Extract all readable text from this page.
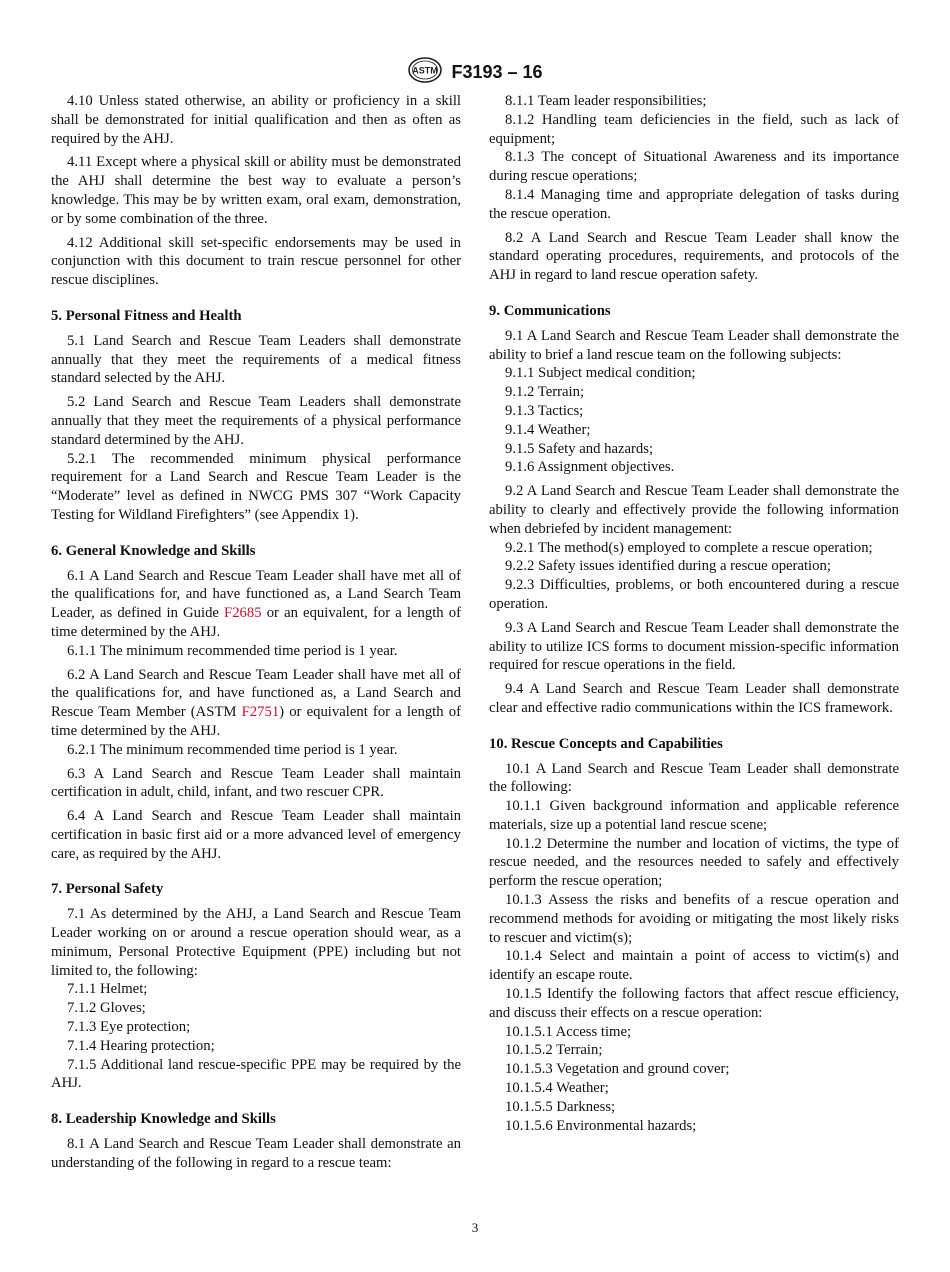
ASTM F3193 – 16

4.10 Unless stated otherwise, an ability or proficiency in a skill shall be demonstrated for initial qualification and then as often as required by the AHJ.

4.11 Except where a physical skill or ability must be demonstrated the AHJ shall determine the best way to evaluate a person’s knowledge. This may be by written exam, oral exam, demonstration, or by some combination of the three.

4.12 Additional skill set-specific endorsements may be used in conjunction with this document to train rescue personnel for other rescue disciplines.

5. Personal Fitness and Health

5.1 Land Search and Rescue Team Leaders shall demonstrate annually that they meet the requirements of a medical fitness standard selected by the AHJ.

5.2 Land Search and Rescue Team Leaders shall demonstrate annually that they meet the requirements of a physical performance standard determined by the AHJ.

5.2.1 The recommended minimum physical performance requirement for a Land Search and Rescue Team Leader is the “Moderate” level as defined in NWCG PMS 307 “Work Capacity Testing for Wildland Firefighters” (see Appendix 1).

6. General Knowledge and Skills

6.1 A Land Search and Rescue Team Leader shall have met all of the qualifications for, and have functioned as, a Land Search Team Leader, as defined in Guide F2685 or an equivalent, for a length of time determined by the AHJ.

6.1.1 The minimum recommended time period is 1 year.

6.2 A Land Search and Rescue Team Leader shall have met all of the qualifications for, and have functioned as, a Land Search and Rescue Team Member (ASTM F2751) or equivalent for a length of time determined by the AHJ.

6.2.1 The minimum recommended time period is 1 year.

6.3 A Land Search and Rescue Team Leader shall maintain certification in adult, child, infant, and two rescuer CPR.

6.4 A Land Search and Rescue Team Leader shall maintain certification in basic first aid or a more advanced level of emergency care, as required by the AHJ.

7. Personal Safety

7.1 As determined by the AHJ, a Land Search and Rescue Team Leader working on or around a rescue operation should wear, as a minimum, Personal Protective Equipment (PPE) including but not limited to, the following:

7.1.1 Helmet;

7.1.2 Gloves;

7.1.3 Eye protection;

7.1.4 Hearing protection;

7.1.5 Additional land rescue-specific PPE may be required by the AHJ.

8. Leadership Knowledge and Skills

8.1 A Land Search and Rescue Team Leader shall demonstrate an understanding of the following in regard to a rescue team:

8.1.1 Team leader responsibilities;

8.1.2 Handling team deficiencies in the field, such as lack of equipment;

8.1.3 The concept of Situational Awareness and its importance during rescue operations;

8.1.4 Managing time and appropriate delegation of tasks during the rescue operation.

8.2 A Land Search and Rescue Team Leader shall know the standard operating procedures, requirements, and protocols of the AHJ in regard to land rescue operation safety.

9. Communications

9.1 A Land Search and Rescue Team Leader shall demonstrate the ability to brief a land rescue team on the following subjects:

9.1.1 Subject medical condition;

9.1.2 Terrain;

9.1.3 Tactics;

9.1.4 Weather;

9.1.5 Safety and hazards;

9.1.6 Assignment objectives.

9.2 A Land Search and Rescue Team Leader shall demonstrate the ability to clearly and effectively provide the following information when debriefed by incident management:

9.2.1 The method(s) employed to complete a rescue operation;

9.2.2 Safety issues identified during a rescue operation;

9.2.3 Difficulties, problems, or both encountered during a rescue operation.

9.3 A Land Search and Rescue Team Leader shall demonstrate the ability to utilize ICS forms to document mission-specific information required for rescue operations in the field.

9.4 A Land Search and Rescue Team Leader shall demonstrate clear and effective radio communications within the ICS framework.

10. Rescue Concepts and Capabilities

10.1 A Land Search and Rescue Team Leader shall demonstrate the following:

10.1.1 Given background information and applicable reference materials, size up a potential land rescue scene;

10.1.2 Determine the number and location of victims, the type of rescue needed, and the resources needed to safely and effectively perform the rescue operation;

10.1.3 Assess the risks and benefits of a rescue operation and recommend methods for avoiding or mitigating the most likely risks to rescuer and victim(s);

10.1.4 Select and maintain a point of access to victim(s) and identify an escape route.

10.1.5 Identify the following factors that affect rescue efficiency, and discuss their effects on a rescue operation:

10.1.5.1 Access time;

10.1.5.2 Terrain;

10.1.5.3 Vegetation and ground cover;

10.1.5.4 Weather;

10.1.5.5 Darkness;

10.1.5.6 Environmental hazards;

3
